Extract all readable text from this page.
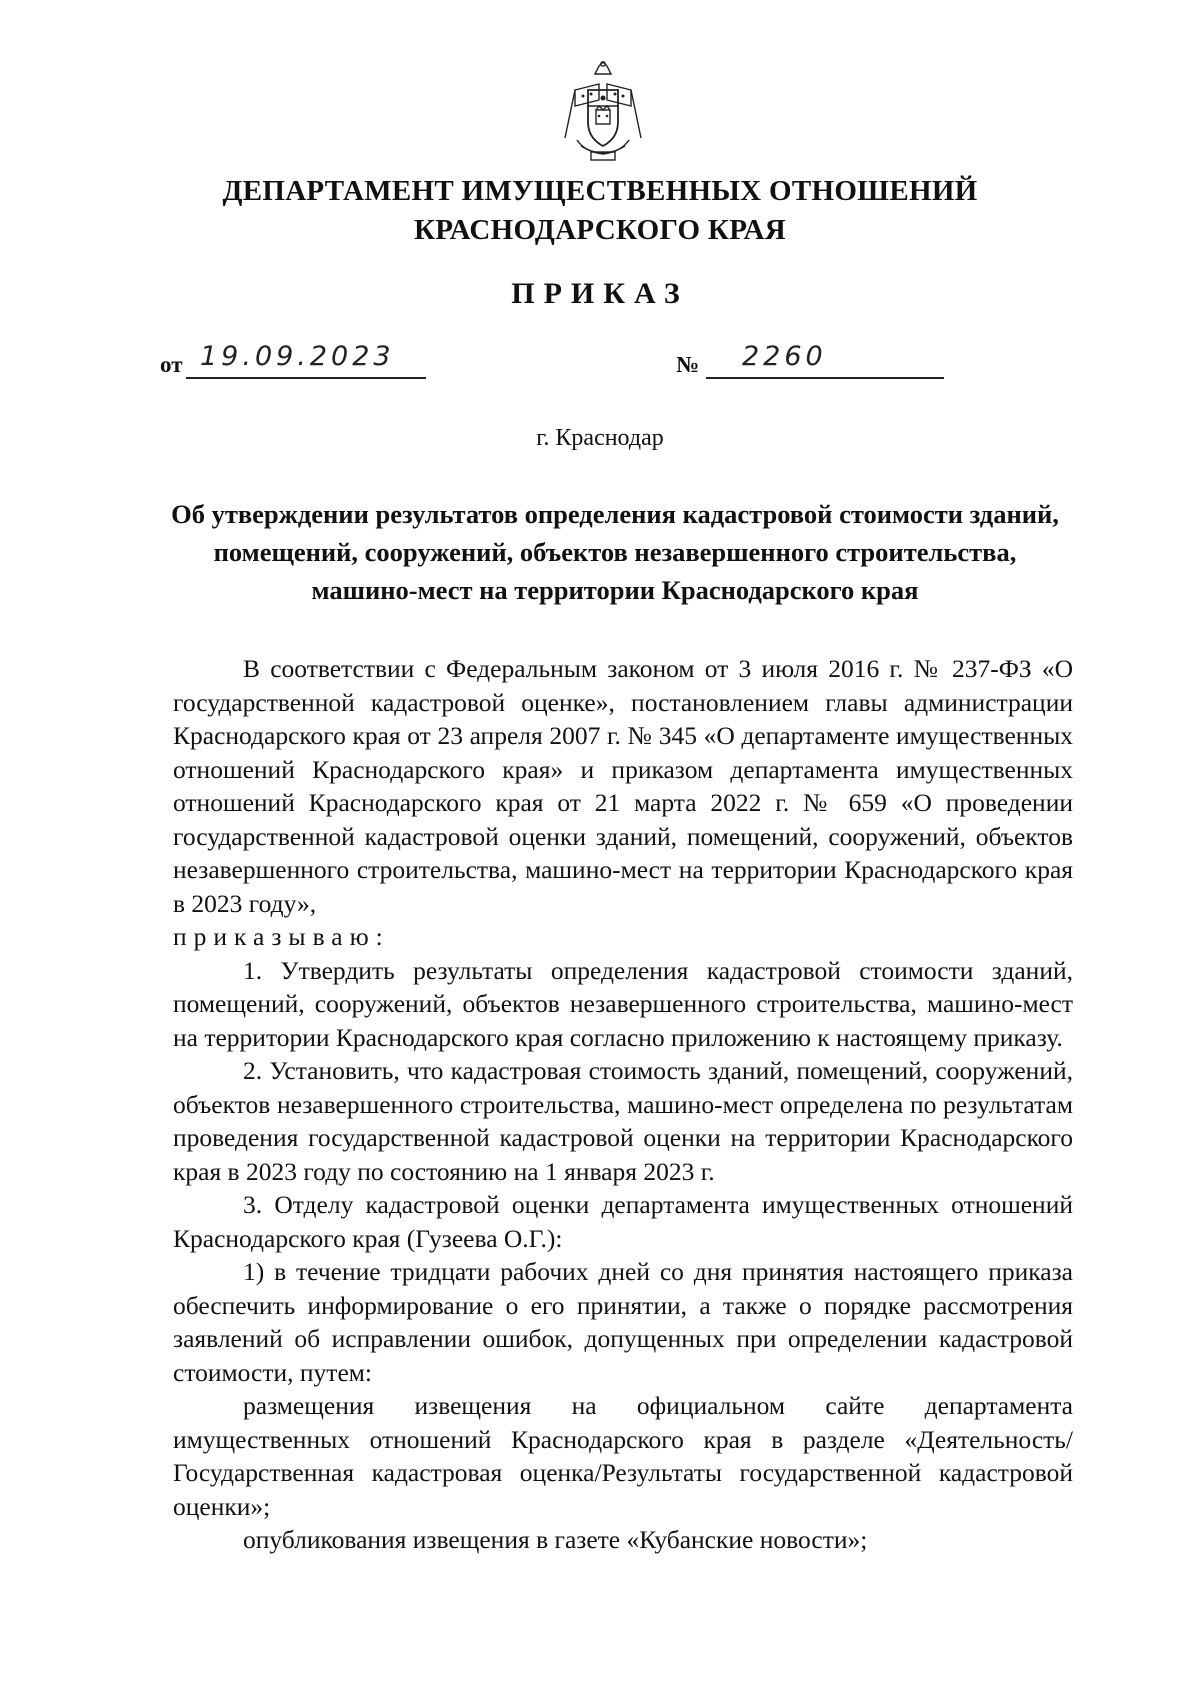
ДЕПАРТАМЕНТ ИМУЩЕСТВЕННЫХ ОТНОШЕНИЙ
КРАСНОДАРСКОГО КРАЯ
ПРИКАЗ
от 19.09.2023	№ 2260
г. Краснодар
Об утверждении результатов определения кадастровой стоимости зданий,
помещений, сооружений, объектов незавершенного строительства,
машино-мест на территории Краснодарского края

В соответствии с Федеральным законом от 3 июля 2016 г. № 237-ФЗ «О государственной кадастровой оценке», постановлением главы администрации Краснодарского края от 23 апреля 2007 г. № 345 «О департаменте имущественных отношений Краснодарского края» и приказом департамента имущественных отношений Краснодарского края от 21 марта 2022 г. № 659 «О проведении государственной кадастровой оценки зданий, помещений, сооружений, объектов незавершенного строительства, машино-мест на территории Краснодарского края в 2023 году»,

приказываю:

1. Утвердить результаты определения кадастровой стоимости зданий, помещений, сооружений, объектов незавершенного строительства, машино-мест на территории Краснодарского края согласно приложению к настоящему приказу.

2. Установить, что кадастровая стоимость зданий, помещений, сооружений, объектов незавершенного строительства, машино-мест определена по результатам проведения государственной кадастровой оценки на территории Краснодарского края в 2023 году по состоянию на 1 января 2023 г.

3. Отделу кадастровой оценки департамента имущественных отношений Краснодарского края (Гузеева О.Г.):

1) в течение тридцати рабочих дней со дня принятия настоящего приказа обеспечить информирование о его принятии, а также о порядке рассмотрения заявлений об исправлении ошибок, допущенных при определении кадастровой стоимости, путем:

размещения извещения на официальном сайте департамента имущественных отношений Краснодарского края в разделе «Деятельность/ Государственная кадастровая оценка/Результаты государственной кадастровой оценки»;

опубликования извещения в газете «Кубанские новости»;
